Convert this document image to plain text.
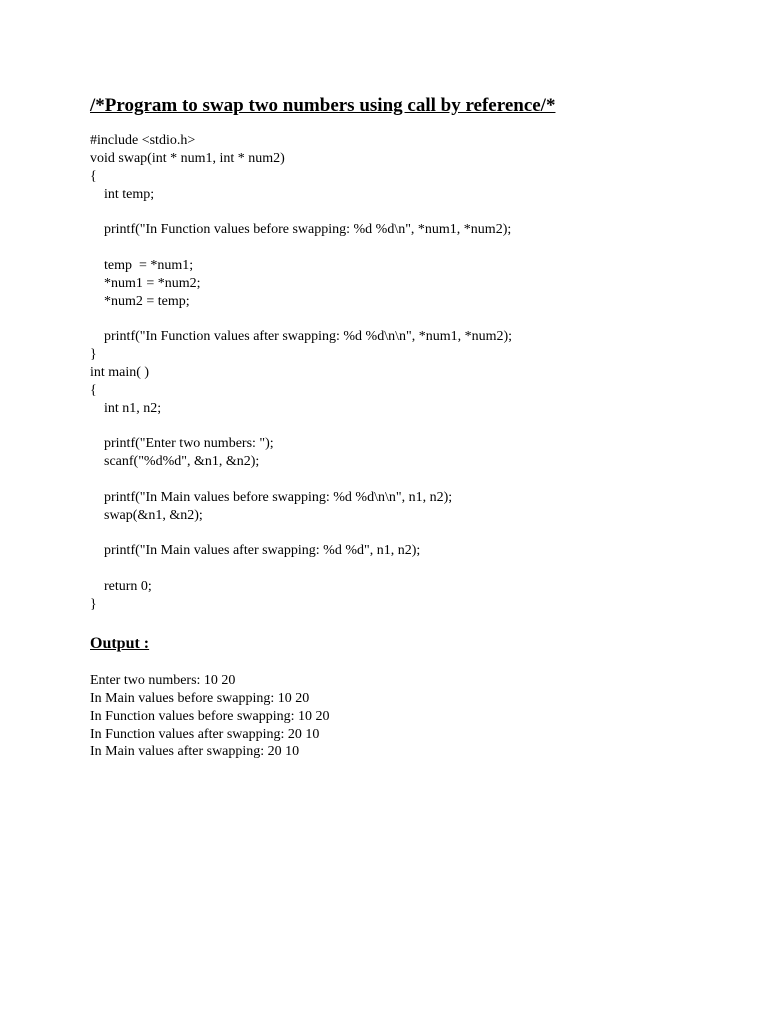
/*Program to swap two numbers using call by reference/*
#include <stdio.h>
void swap(int * num1, int * num2)
{
int temp;
printf("In Function values before swapping: %d %d\n", *num1, *num2);
temp  = *num1;
*num1 = *num2;
*num2 = temp;
printf("In Function values after swapping: %d %d\n\n", *num1, *num2);
}
int main( )
{
int n1, n2;
printf("Enter two numbers: ");
scanf("%d%d", &n1, &n2);
printf("In Main values before swapping: %d %d\n\n", n1, n2);
swap(&n1, &n2);
printf("In Main values after swapping: %d %d", n1, n2);
return 0;
}
Output :
Enter two numbers: 10 20
In Main values before swapping: 10 20
In Function values before swapping: 10 20
In Function values after swapping: 20 10
In Main values after swapping: 20 10
